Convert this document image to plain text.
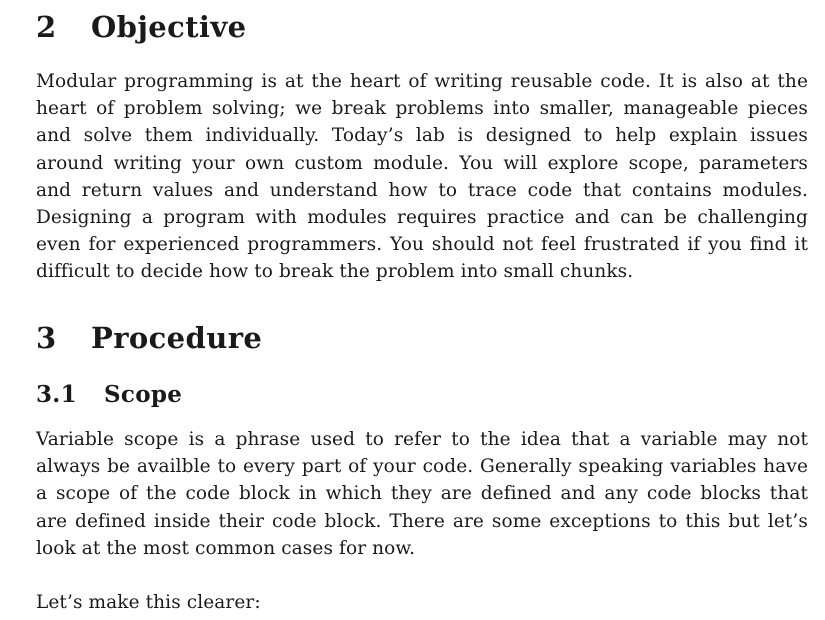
2 Objective
Modular programming is at the heart of writing reusable code. It is also at the
heart of problem solving; we break problems into smaller, manageable pieces
and solve them individually. Today’s lab is designed to help explain issues
around writing your own custom module. You will explore scope, parameters
and return values and understand how to trace code that contains modules.
Designing a program with modules requires practice and can be challenging
even for experienced programmers. You should not feel frustrated if you find it
difficult to decide how to break the problem into small chunks.
3 Procedure
3.1 Scope
Variable scope is a phrase used to refer to the idea that a variable may not
always be availble to every part of your code. Generally speaking variables have
a scope of the code block in which they are defined and any code blocks that
are defined inside their code block. There are some exceptions to this but let’s
look at the most common cases for now.
Let’s make this clearer:
